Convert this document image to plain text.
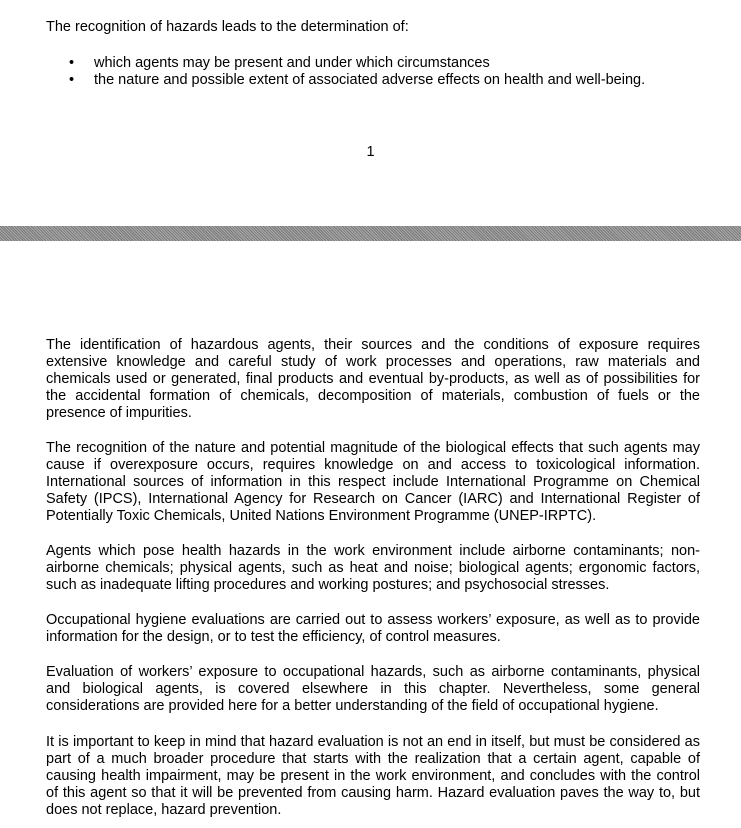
The recognition of hazards leads to the determination of:

• which agents may be present and under which circumstances
• the nature and possible extent of associated adverse effects on health and well-being.
1

The identification of hazardous agents, their sources and the conditions of exposure requires extensive knowledge and careful study of work processes and operations, raw materials and chemicals used or generated, final products and eventual by-products, as well as of possibilities for the accidental formation of chemicals, decomposition of materials, combustion of fuels or the presence of impurities.

The recognition of the nature and potential magnitude of the biological effects that such agents may cause if overexposure occurs, requires knowledge on and access to toxicological information. International sources of information in this respect include International Programme on Chemical Safety (IPCS), International Agency for Research on Cancer (IARC) and International Register of Potentially Toxic Chemicals, United Nations Environment Programme (UNEP-IRPTC).

Agents which pose health hazards in the work environment include airborne contaminants; non-airborne chemicals; physical agents, such as heat and noise; biological agents; ergonomic factors, such as inadequate lifting procedures and working postures; and psychosocial stresses.

Occupational hygiene evaluations are carried out to assess workers’ exposure, as well as to provide information for the design, or to test the efficiency, of control measures.

Evaluation of workers’ exposure to occupational hazards, such as airborne contaminants, physical and biological agents, is covered elsewhere in this chapter. Nevertheless, some general considerations are provided here for a better understanding of the field of occupational hygiene.

It is important to keep in mind that hazard evaluation is not an end in itself, but must be considered as part of a much broader procedure that starts with the realization that a certain agent, capable of causing health impairment, may be present in the work environment, and concludes with the control of this agent so that it will be prevented from causing harm. Hazard evaluation paves the way to, but does not replace, hazard prevention.
